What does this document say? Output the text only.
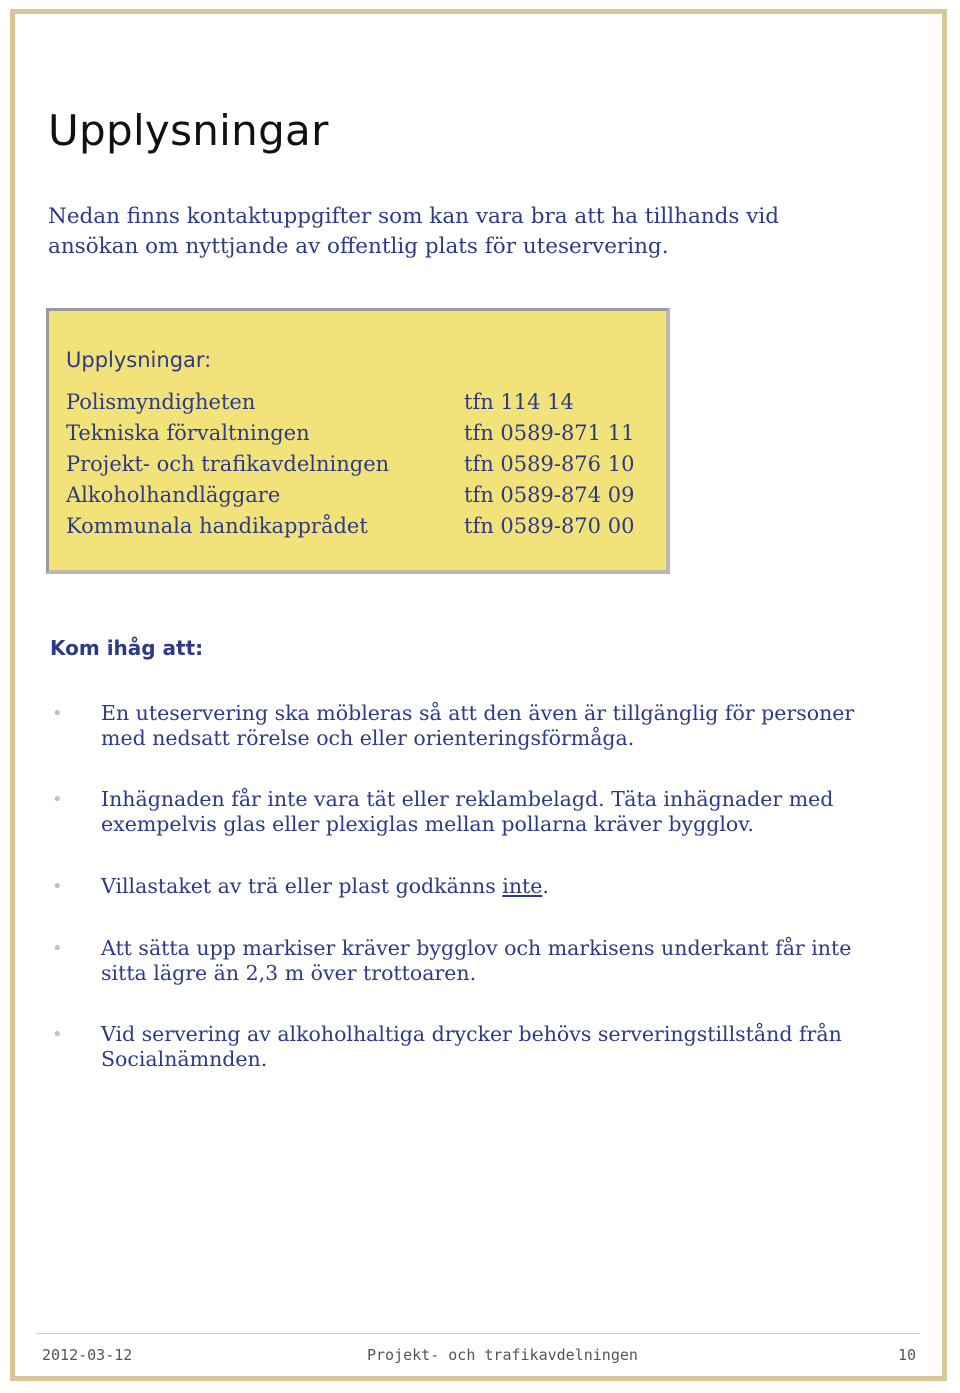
Upplysningar

Nedan finns kontaktuppgifter som kan vara bra att ha tillhands vid ansökan om nyttjande av offentlig plats för uteservering.

Upplysningar:
Polismyndigheten	tfn 114 14
Tekniska förvaltningen	tfn 0589-871 11
Projekt- och trafikavdelningen	tfn 0589-876 10
Alkoholhandläggare	tfn 0589-874 09
Kommunala handikapprådet	tfn 0589-870 00
Kom ihåg att:
• En uteservering ska möbleras så att den även är tillgänglig för personer med nedsatt rörelse och eller orienteringsförmåga.
• Inhägnaden får inte vara tät eller reklambelagd. Täta inhägnader med exempelvis glas eller plexiglas mellan pollarna kräver bygglov.
• Villastaket av trä eller plast godkänns inte.
• Att sätta upp markiser kräver bygglov och markisens underkant får inte sitta lägre än 2,3 m över trottoaren.
• Vid servering av alkoholhaltiga drycker behövs serveringstillstånd från Socialnämnden.
2012-03-12	Projekt- och trafikavdelningen	10
